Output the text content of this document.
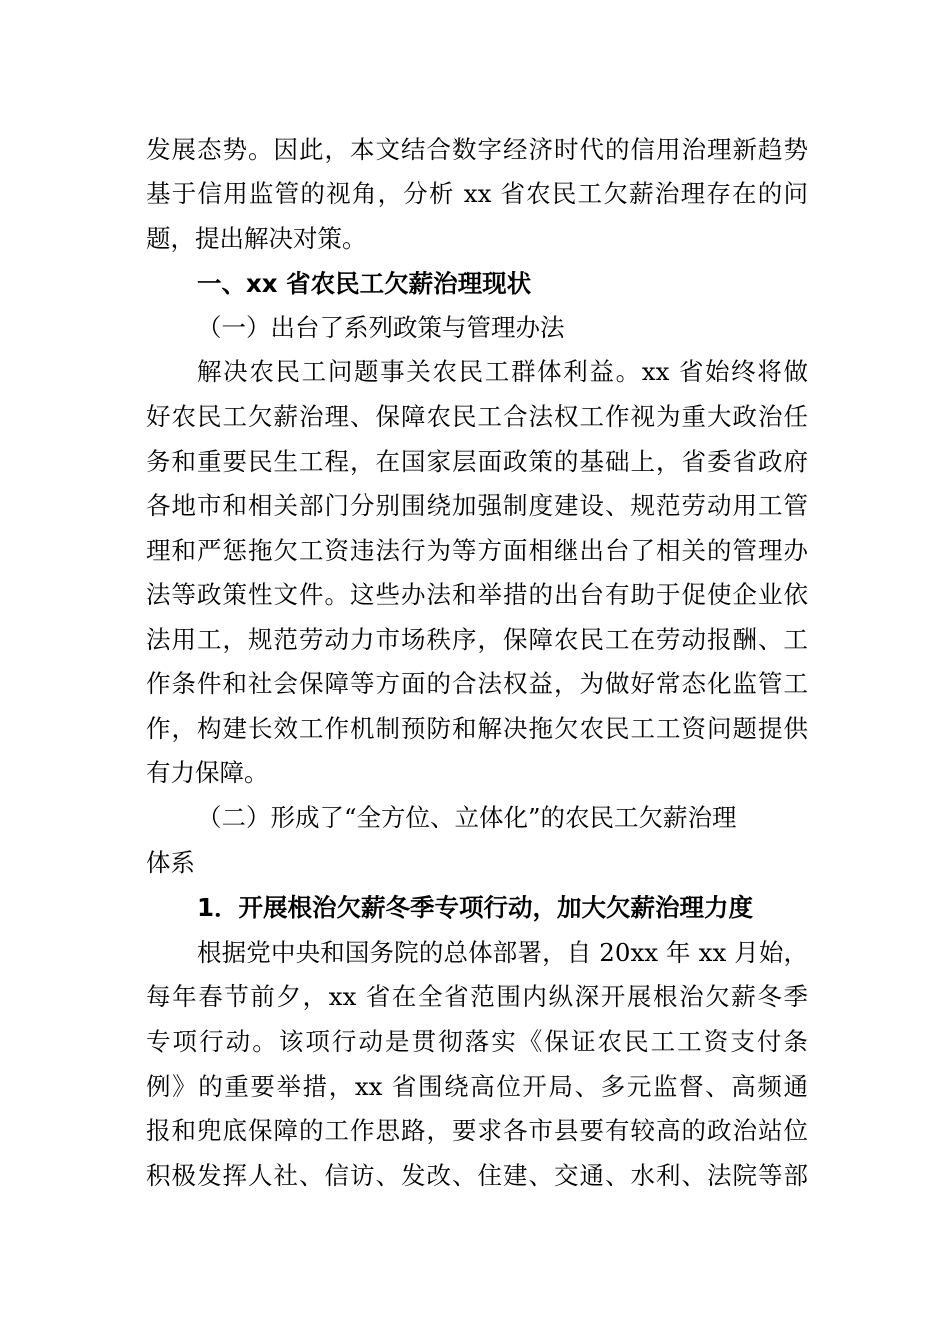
发展态势。因此，本文结合数字经济时代的信用治理新趋势
基于信用监管的视角，分析 xx 省农民工欠薪治理存在的问
题，提出解决对策。
一、xx 省农民工欠薪治理现状
（一）出台了系列政策与管理办法
解决农民工问题事关农民工群体利益。xx 省始终将做
好农民工欠薪治理、保障农民工合法权工作视为重大政治任
务和重要民生工程，在国家层面政策的基础上，省委省政府
各地市和相关部门分别围绕加强制度建设、规范劳动用工管
理和严惩拖欠工资违法行为等方面相继出台了相关的管理办
法等政策性文件。这些办法和举措的出台有助于促使企业依
法用工，规范劳动力市场秩序，保障农民工在劳动报酬、工
作条件和社会保障等方面的合法权益，为做好常态化监管工
作，构建长效工作机制预防和解决拖欠农民工工资问题提供
有力保障。
（二）形成了“全方位、立体化”的农民工欠薪治理
体系
1．开展根治欠薪冬季专项行动，加大欠薪治理力度
根据党中央和国务院的总体部署，自 20xx 年 xx 月始，
每年春节前夕，xx 省在全省范围内纵深开展根治欠薪冬季
专项行动。该项行动是贯彻落实《保证农民工工资支付条
例》的重要举措，xx 省围绕高位开局、多元监督、高频通
报和兜底保障的工作思路，要求各市县要有较高的政治站位
积极发挥人社、信访、发改、住建、交通、水利、法院等部
